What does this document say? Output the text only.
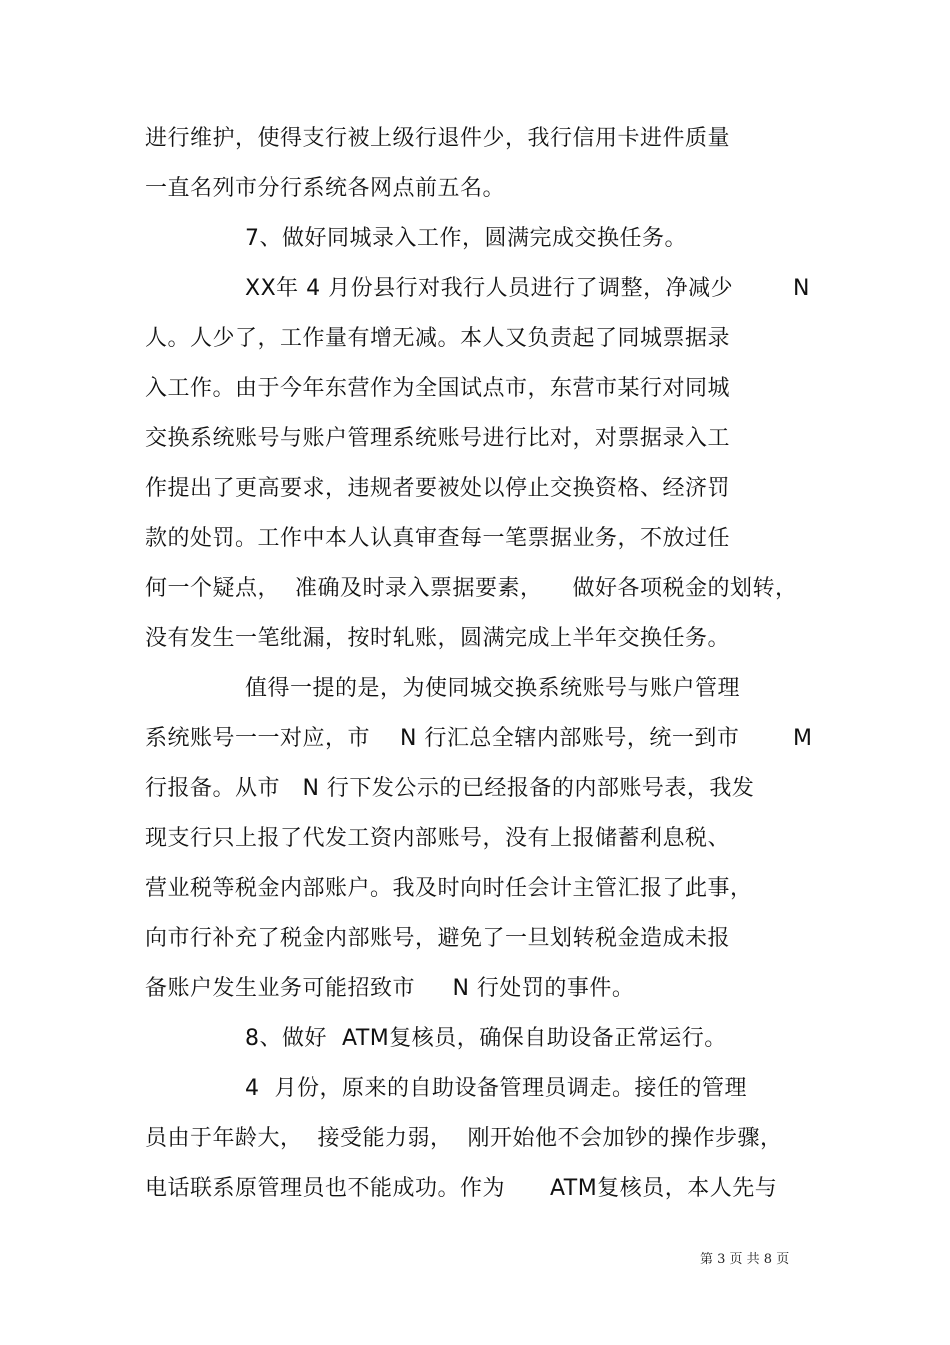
进行维护，使得支行被上级行退件少，我行信用卡进件质量

一直名列市分行系统各网点前五名。

7、做好同城录入工作，圆满完成交换任务。

XX年 4 月份县行对我行人员进行了调整，净减少	N

人。人少了，工作量有增无减。本人又负责起了同城票据录

入工作。由于今年东营作为全国试点市，东营市某行对同城

交换系统账号与账户管理系统账号进行比对，对票据录入工

作提出了更高要求，违规者要被处以停止交换资格、经济罚

款的处罚。工作中本人认真审查每一笔票据业务，不放过任

何一个疑点，  准确及时录入票据要素，    做好各项税金的划转，

没有发生一笔纰漏，按时轧账，圆满完成上半年交换任务。

值得一提的是，为使同城交换系统账号与账户管理

系统账号一一对应，市    N 行汇总全辖内部账号，统一到市 M

行报备。从市   N 行下发公示的已经报备的内部账号表，我发

现支行只上报了代发工资内部账号，没有上报储蓄利息税、

营业税等税金内部账户。我及时向时任会计主管汇报了此事，

向市行补充了税金内部账号，避免了一旦划转税金造成未报

备账户发生业务可能招致市     N 行处罚的事件。

8、做好  ATM复核员，确保自助设备正常运行。

4  月份，原来的自助设备管理员调走。接任的管理

员由于年龄大，  接受能力弱，  刚开始他不会加钞的操作步骤，

电话联系原管理员也不能成功。作为      ATM复核员，本人先与

第 3 页 共 8 页
